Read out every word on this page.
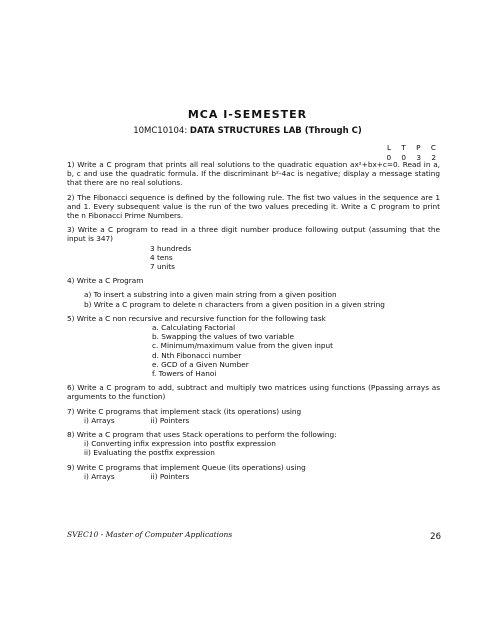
MCA I-SEMESTER
10MC10104: DATA STRUCTURES LAB (Through C)
L T P C
0 0 3 2
1) Write a C program that prints all real solutions to the quadratic equation ax²+bx+c=0. Read in a, b, c and use the quadratic formula. If the discriminant b²-4ac is negative; display a message stating that there are no real solutions.
2) The Fibonacci sequence is defined by the following rule. The fist two values in the sequence are 1 and 1. Every subsequent value is the run of the two values preceding it. Write a C program to print the n Fibonacci Prime Numbers.
3) Write a C program to read in a three digit number produce following output (assuming that the input is 347)
3 hundreds
4 tens
7 units
4) Write a C Program
a) To insert a substring into a given main string from a given position
b) Write a C program to delete n characters from a given position in a given string
5) Write a C non recursive and recursive function for the following task
a. Calculating Factorial
b. Swapping the values of two variable
c. Minimum/maximum value from the given input
d. Nth Fibonacci number
e. GCD of a Given Number
f. Towers of Hanoi
6) Write a C program to add, subtract and multiply two matrices using functions (Ppassing arrays as arguments to the function)
7) Write C programs that implement stack (its operations) using
i) Arrays	ii) Pointers
8) Write a C program that uses Stack operations to perform the following:
i) Converting infix expression into postfix expression
ii) Evaluating the postfix expression
9) Write C programs that implement Queue (its operations) using
i) Arrays	ii) Pointers
SVEC10 - Master of Computer Applications	26
